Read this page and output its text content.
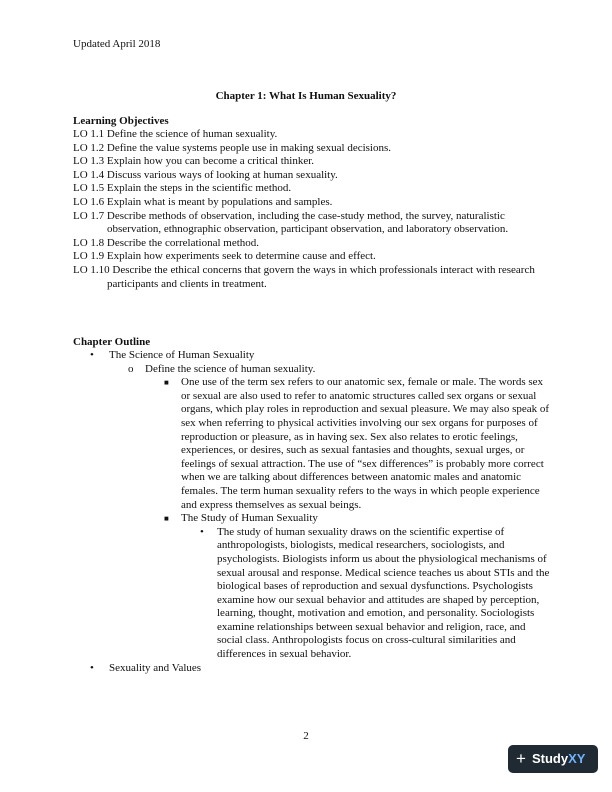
Updated April 2018
Chapter 1: What Is Human Sexuality?
Learning Objectives
LO 1.1 Define the science of human sexuality.
LO 1.2 Define the value systems people use in making sexual decisions.
LO 1.3 Explain how you can become a critical thinker.
LO 1.4 Discuss various ways of looking at human sexuality.
LO 1.5 Explain the steps in the scientific method.
LO 1.6 Explain what is meant by populations and samples.
LO 1.7 Describe methods of observation, including the case-study method, the survey, naturalistic observation, ethnographic observation, participant observation, and laboratory observation.
LO 1.8 Describe the correlational method.
LO 1.9 Explain how experiments seek to determine cause and effect.
LO 1.10 Describe the ethical concerns that govern the ways in which professionals interact with research participants and clients in treatment.
Chapter Outline
• The Science of Human Sexuality
o Define the science of human sexuality.
■ One use of the term sex refers to our anatomic sex, female or male. The words sex or sexual are also used to refer to anatomic structures called sex organs or sexual organs, which play roles in reproduction and sexual pleasure. We may also speak of sex when referring to physical activities involving our sex organs for purposes of reproduction or pleasure, as in having sex. Sex also relates to erotic feelings, experiences, or desires, such as sexual fantasies and thoughts, sexual urges, or feelings of sexual attraction. The use of “sex differences” is probably more correct when we are talking about differences between anatomic males and anatomic females. The term human sexuality refers to the ways in which people experience and express themselves as sexual beings.
■ The Study of Human Sexuality
• The study of human sexuality draws on the scientific expertise of anthropologists, biologists, medical researchers, sociologists, and psychologists. Biologists inform us about the physiological mechanisms of sexual arousal and response. Medical science teaches us about STIs and the biological bases of reproduction and sexual dysfunctions. Psychologists examine how our sexual behavior and attitudes are shaped by perception, learning, thought, motivation and emotion, and personality. Sociologists examine relationships between sexual behavior and religion, race, and social class. Anthropologists focus on cross-cultural similarities and differences in sexual behavior.
• Sexuality and Values
2
+ Study XY
